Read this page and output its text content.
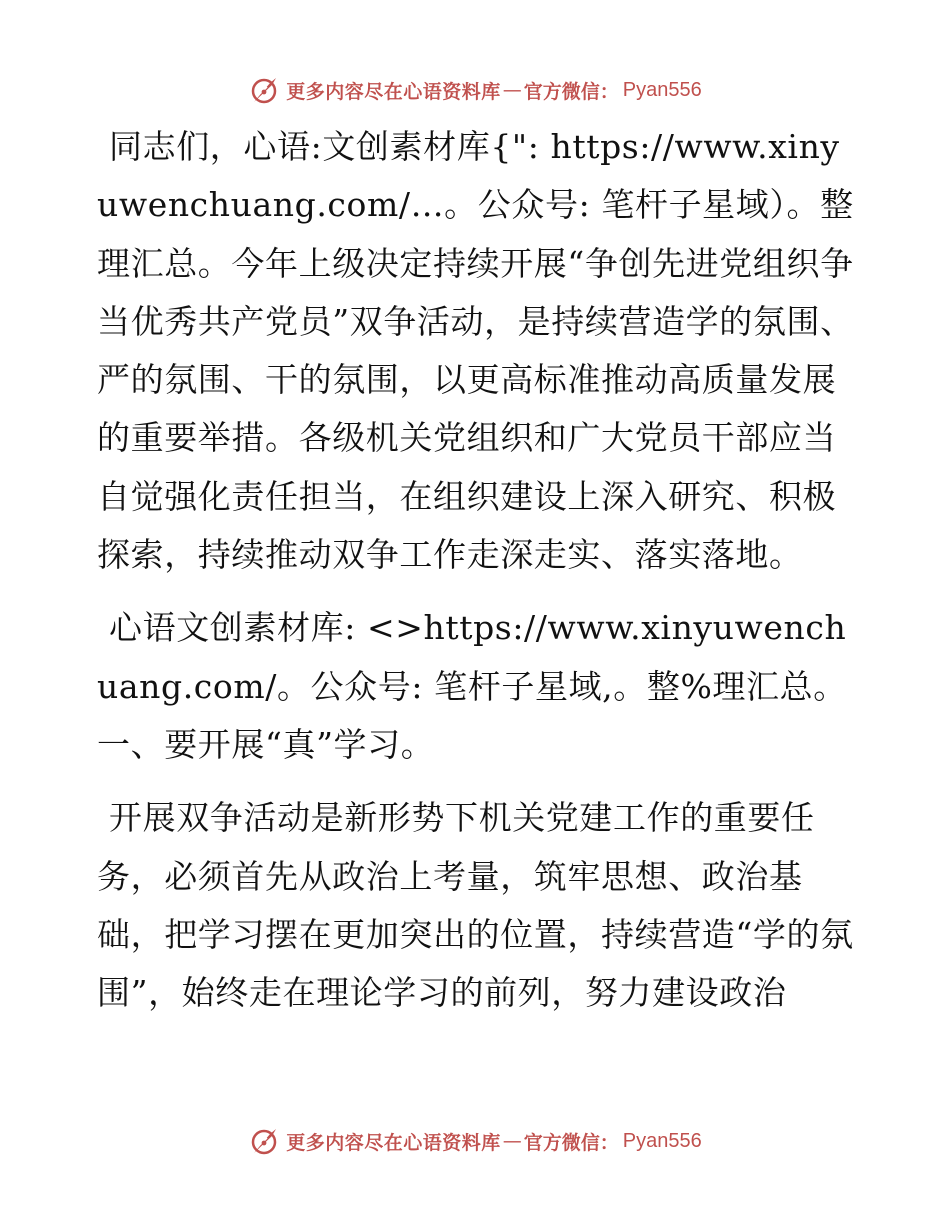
更多内容尽在心语资料库 — 官方微信： Pyan556

同志们，心语:文创素材库{": https://www.xinyuwenchuang.com/…。公众号: 笔杆子星域）。整理汇总。今年上级决定持续开展“争创先进党组织争当优秀共产党员”双争活动，是持续营造学的氛围、严的氛围、干的氛围，以更高标准推动高质量发展的重要举措。各级机关党组织和广大党员干部应当自觉强化责任担当，在组织建设上深入研究、积极探索，持续推动双争工作走深走实、落实落地。

心语文创素材库: <>https://www.xinyuwenchuang.com/。公众号: 笔杆子星域,。整%理汇总。一、要开展“真”学习。

开展双争活动是新形势下机关党建工作的重要任务，必须首先从政治上考量，筑牢思想、政治基础，把学习摆在更加突出的位置，持续营造“学的氛围”，始终走在理论学习的前列，努力建设政治

更多内容尽在心语资料库 — 官方微信： Pyan556
